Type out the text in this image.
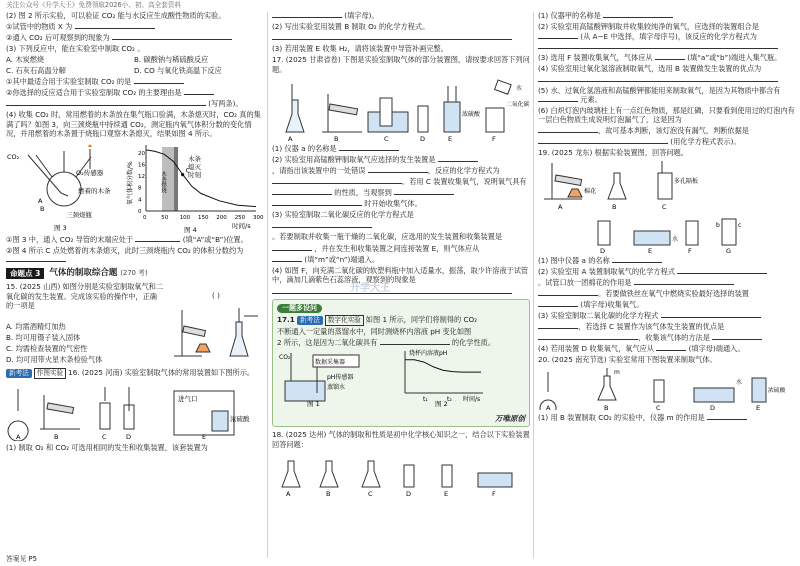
关注公众号《升学大王》免费领取2026小、初、高全套资料
(2) 图 2 所示实验，可以验证 CO₂ 能与水反应生成酸性物质的实验。
①试管中的物质 X 为
②通入 CO₂ 后可观察到的现象为
(3) 下列反应中，能在实验室中制取 CO₂ 。
A. 木炭燃烧	B. 碳酸钠与稀硫酸反应
C. 石灰石高温分解	D. CO 与氧化铁高温下反应
①其中最适合用于实验室制取 CO₂ 的是
②你选择的反应适合用于实验室制取 CO₂ 的主要理由是
(写两条)。
(4) 收集 CO₂ 时，常用燃着的木条放在集气瓶口验满，木条熄灭时，CO₂ 真的集满了吗？如图 3，向三颈烧瓶中持续通 CO₂，测定瓶内氧气体积分数的变化情况，并用燃着的木条置于烧瓶口观察木条熄灭，结果如图 4 所示。
CO₂
O₂传感器
燃着的木条
三颈烧瓶
A
B
图 3
0	50 100 150 200 250 300
0
4
8
12
16
20
C
木条
熄灭
时刻
木条燃烧
氧气体积分数/%
时间/s
图 4
①图 3 中，通入 CO₂ 导管的末端应处于	(填“A”或“B”)位置。
②图 4 所示 C 点处燃着的木条熄灭，此时三颈烧瓶内 CO₂ 的体积分数约为
命题点 3	气体的制取综合题 (270 考)
15. (2025 山西) 如图分别是实验室制取氧气和二氧化碳的发生装置。完成该实验的操作中，正确的一项是
( )
A. 均需酒精灯加热
B. 均可用镊子装入固体
C. 均需检查装置的气密性
D. 均可用带火星木条检验气体
新考法 作图实验 16. (2025 河南) 实验室制取气体的常用装置如下图所示。
A	B	C	D	E
进气口
浓硫酸
(1) 制取 O₂ 和 CO₂ 可选用相同的发生和收集装置，该套装置为
(填字母)。
(2) 写出实验室用装置 B 制取 O₂ 的化学方程式。
(3) 若用装置 E 收集 H₂，请将该装置中导管补画完整。
17. (2025 甘肃省卷) 下图是实验室制取气体的部分装置图，请按要求回答下列问题。
A	B	C	D	E	F
浓硫酸
二氧化碳
水
(1) 仪器 a 的名称是
(2) 实验室用高锰酸钾制取氧气应选择的发生装置是
，请指出该装置中的一处错误	，反应的化学方程式为
。若用 C 装置收集氧气，说明氧气具有
的性质，当观察到
时开始收集气体。
(3) 实验室制取二氧化碳反应的化学方程式是
。若要制取并收集一瓶干燥的二氧化碳，应选用的发生装置和收集装置是
，并在发生和收集装置之间连接装置 E，则气体应从
(填“m”或“n”)端通入。
(4) 如图 F，向充满二氧化碳的软塑料瓶中加入适量水，振荡，取少许溶液于试管中，滴加几滴紫色石蕊溶液，观察到的现象是
一题多设问
17.1 新考法 数字化实验 如图 1 所示，同学们将制得的 CO₂
不断通入一定量的蒸馏水中，同时测烧杯内溶液 pH 变化如图
2 所示，这是因为二氧化碳具有	的化学性质。
CO₂
数据采集器
pH传感器
蒸馏水
图 1
烧杯内溶液pH
时间/s
t₁	t₂
图 2
万唯原创
18. (2025 达州) 气体的制取和性质是初中化学核心知识之一，结合以下实验装置回答问题：
A	B	C	D	E	F
(1) 仪器甲的名称是
(2) 实验室用高锰酸钾制取并收集较纯净的氧气，应选择的装置组合是  (从 A~E 中选择，填字母序号)，该反应的化学方程式为
(3) 选用 F 装置收集氧气，气体应从	(填“a”或“b”)端进入集气瓶。
(4) 实验室用过氧化氢溶液制取氧气，选用 B 装置做发生装置的优点为
(5) 水、过氧化氢溶液和高锰酸钾都能用来制取氧气，是因为其物质中都含有  元素。
(6) 白炽灯泡内玻璃柱上有一点红色物质，那是红磷，只要看到使用过的灯泡内有一层白色物质生成说明灯泡漏气了，这是因为
，故可基本判断，该灯泡没有漏气，判断依据是
(用化学方程式表示)。
19. (2025 龙东) 根据实验装置图，回答问题。
A	B	C
D	E	F	G
棉花
多孔隔板
水
b	c
(1) 图中仪器 a 的名称
(2) 实验室用 A 装置制取氧气的化学方程式
。试管口放一团棉花的作用是
。若要做铁丝在氧气中燃烧实验最好选择的装置
(填字母)收集氧气。
(3) 实验室制取二氧化碳的化学方程式
，若选择 C 装置作为该气体发生装置的优点是
，收集该气体的方法是
(4) 若用装置 D 收集氧气，氧气应从	(填字母)端通入。
20. (2025 南充节选) 实验室常用下图装置来制取气体。
A	B	C	D	E
m
水
浓硫酸
(1) 用 B 装置制取 CO₂ 的实验中，仪器 m 的作用是
升学大王
答案见 P5
